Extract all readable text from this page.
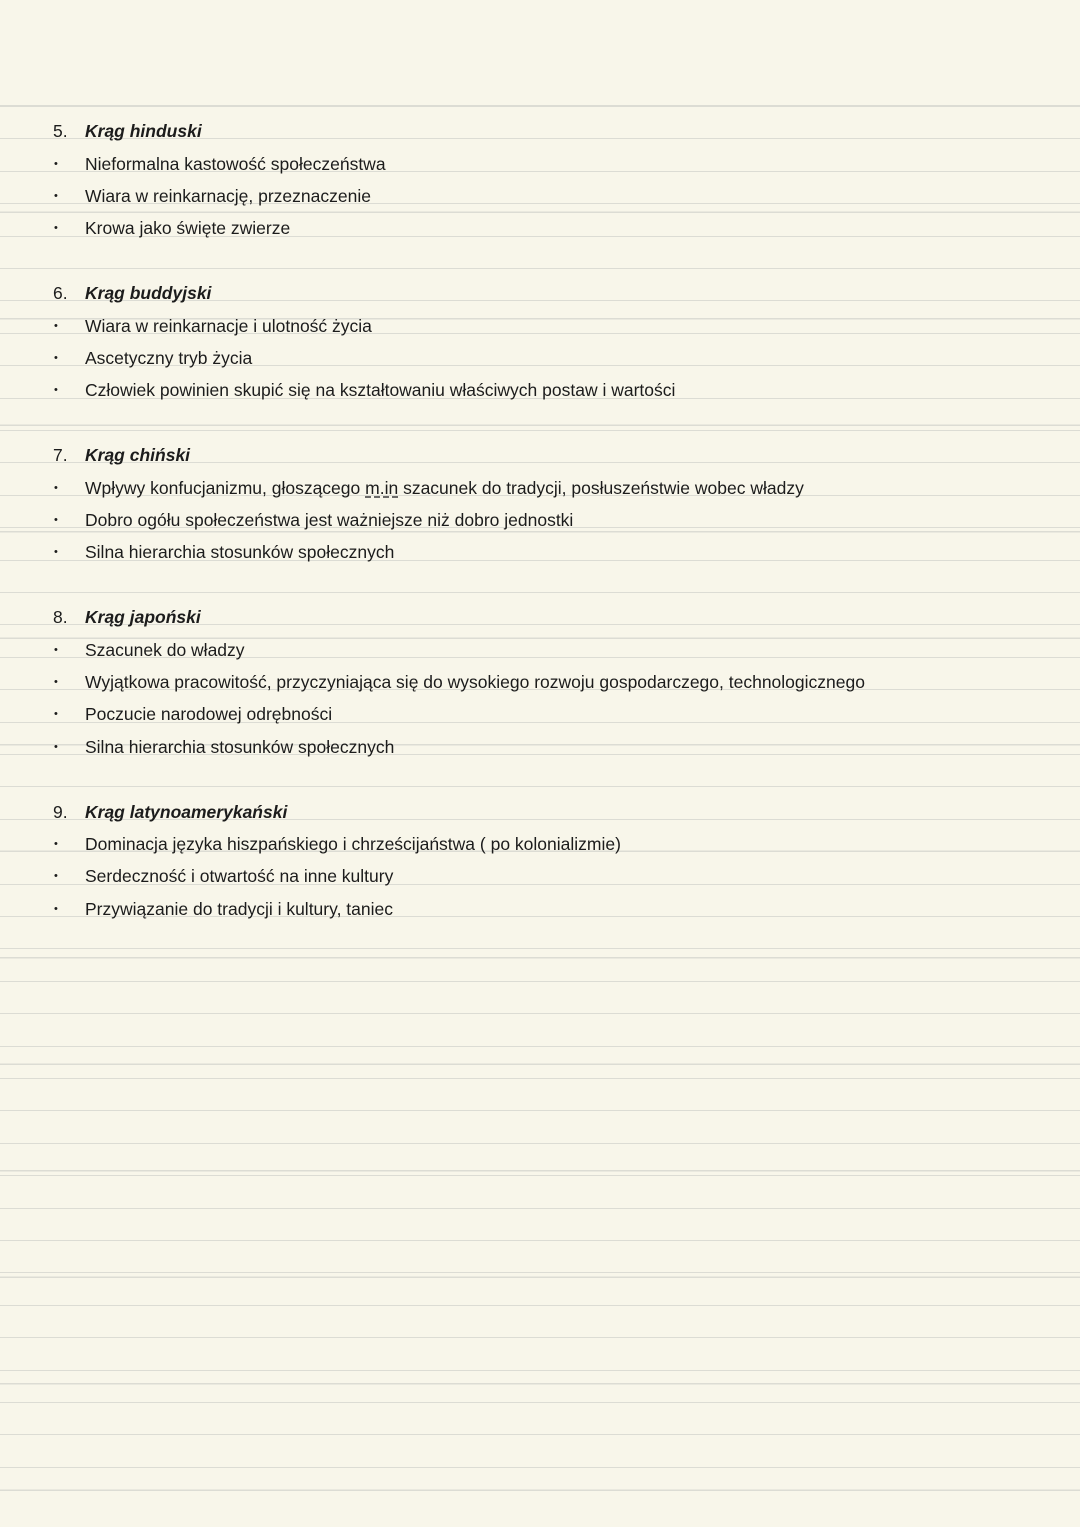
5. Krąg hinduski
•	Nieformalna kastowość społeczeństwa
•	Wiara w reinkarnację, przeznaczenie
•	Krowa jako święte zwierze
6. Krąg buddyjski
•	Wiara w reinkarnacje i ulotność życia
•	Ascetyczny tryb życia
•	Człowiek powinien skupić się na kształtowaniu właściwych postaw i wartości
7. Krąg chiński
•	Wpływy konfucjanizmu, głoszącego m.in szacunek do tradycji, posłuszeństwie wobec władzy
•	Dobro ogółu społeczeństwa jest ważniejsze niż dobro jednostki
•	Silna hierarchia stosunków społecznych
8. Krąg japoński
•	Szacunek do władzy
•	Wyjątkowa pracowitość, przyczyniająca się do wysokiego rozwoju gospodarczego, technologicznego
•	Poczucie narodowej odrębności
•	Silna hierarchia stosunków społecznych
9. Krąg latynoamerykański
•	Dominacja języka hiszpańskiego i chrześcijaństwa ( po kolonializmie)
•	Serdeczność i otwartość na inne kultury
•	Przywiązanie do tradycji i kultury, taniec
